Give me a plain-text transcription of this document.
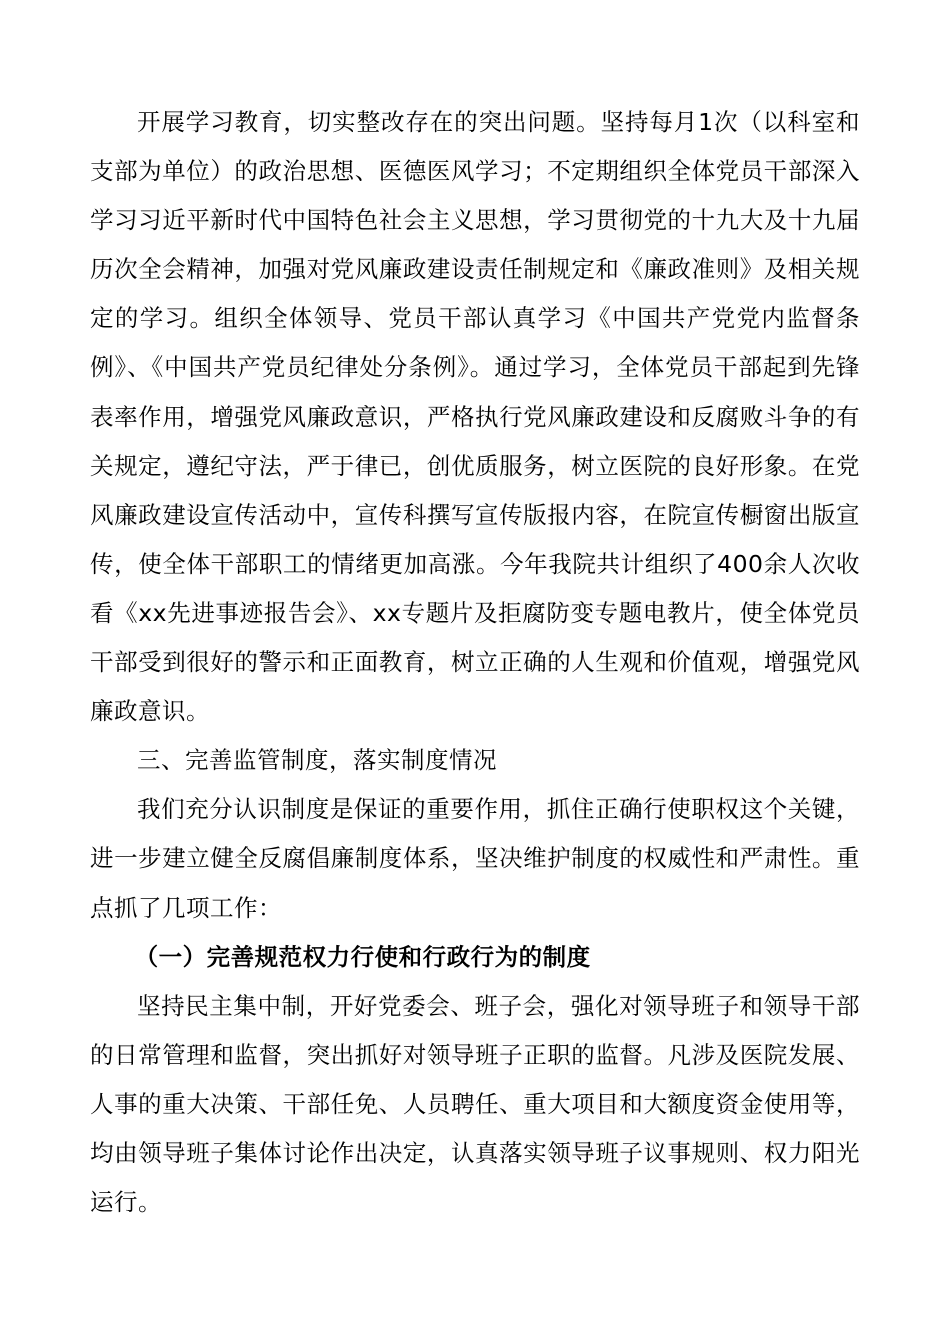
开展学习教育，切实整改存在的突出问题。坚持每月1次（以科室和支部为单位）的政治思想、医德医风学习；不定期组织全体党员干部深入学习习近平新时代中国特色社会主义思想，学习贯彻党的十九大及十九届历次全会精神，加强对党风廉政建设责任制规定和《廉政准则》及相关规定的学习。组织全体领导、党员干部认真学习《中国共产党党内监督条例》、《中国共产党员纪律处分条例》。通过学习，全体党员干部起到先锋表率作用，增强党风廉政意识，严格执行党风廉政建设和反腐败斗争的有关规定，遵纪守法，严于律已，创优质服务，树立医院的良好形象。在党风廉政建设宣传活动中，宣传科撰写宣传版报内容，在院宣传橱窗出版宣传，使全体干部职工的情绪更加高涨。今年我院共计组织了400余人次收看《xx先进事迹报告会》、xx专题片及拒腐防变专题电教片，使全体党员干部受到很好的警示和正面教育，树立正确的人生观和价值观，增强党风廉政意识。

三、完善监管制度，落实制度情况

我们充分认识制度是保证的重要作用，抓住正确行使职权这个关键，进一步建立健全反腐倡廉制度体系，坚决维护制度的权威性和严肃性。重点抓了几项工作：

（一）完善规范权力行使和行政行为的制度

坚持民主集中制，开好党委会、班子会，强化对领导班子和领导干部的日常管理和监督，突出抓好对领导班子正职的监督。凡涉及医院发展、人事的重大决策、干部任免、人员聘任、重大项目和大额度资金使用等，均由领导班子集体讨论作出决定，认真落实领导班子议事规则、权力阳光运行。
